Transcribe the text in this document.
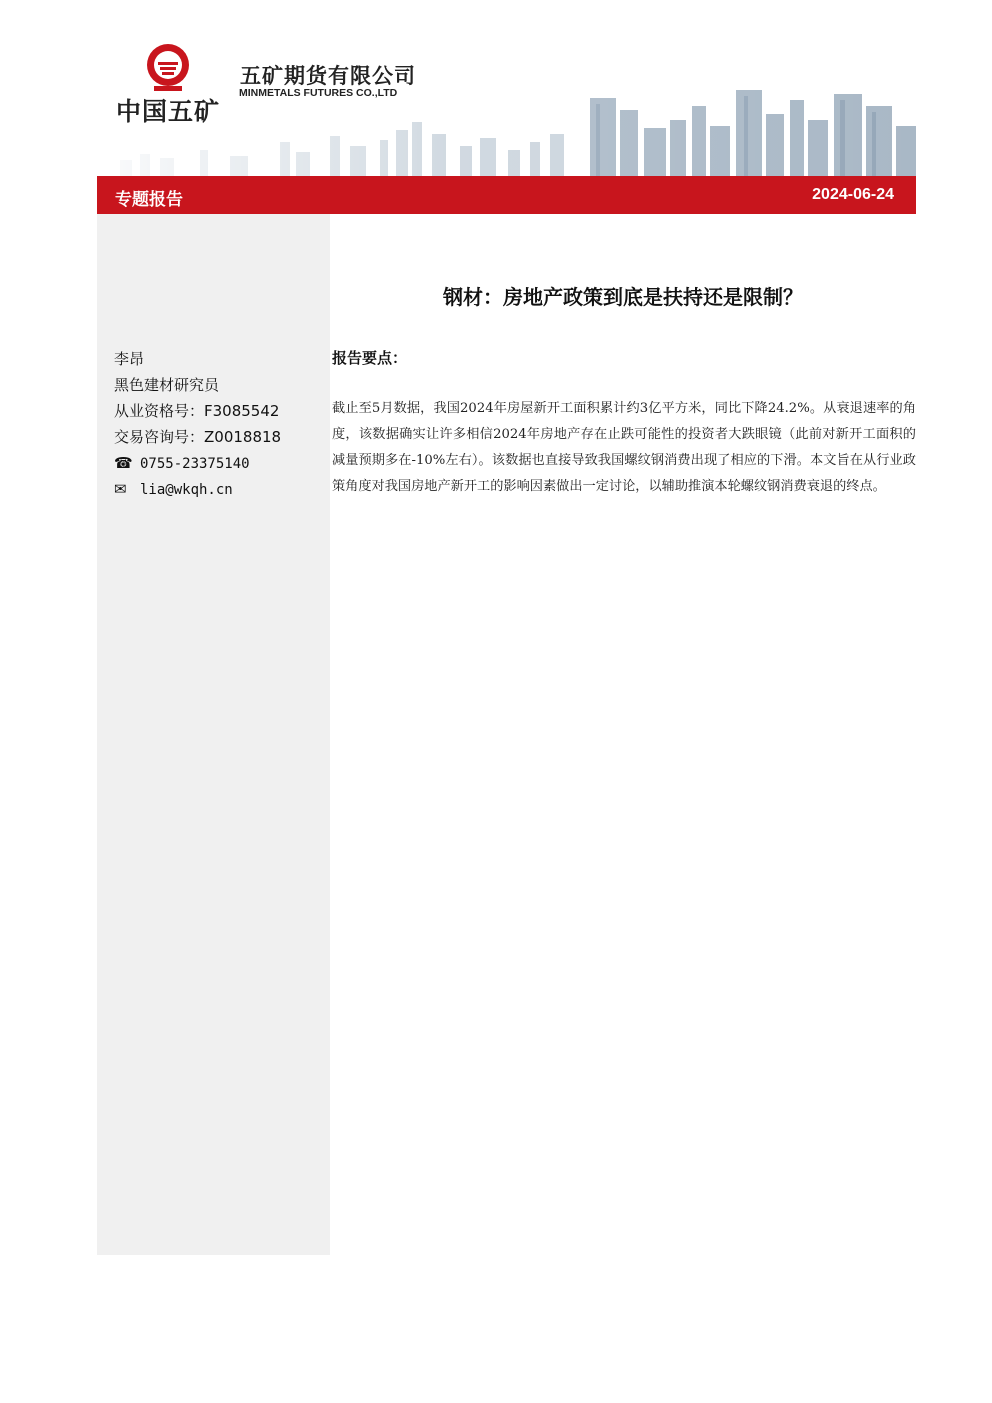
中国五矿
五矿期货有限公司
MINMETALS FUTURES CO.,LTD
专题报告	2024-06-24
钢材：房地产政策到底是扶持还是限制？
李昂
黑色建材研究员
从业资格号：F3085542
交易咨询号：Z0018818
☎ 0755-23375140
✉ lia@wkqh.cn
报告要点：
截止至5月数据，我国2024年房屋新开工面积累计约3亿平方米，同比下降24.2%。从衰退速率的角度，该数据确实让许多相信2024年房地产存在止跌可能性的投资者大跌眼镜（此前对新开工面积的减量预期多在-10%左右）。该数据也直接导致我国螺纹钢消费出现了相应的下滑。本文旨在从行业政策角度对我国房地产新开工的影响因素做出一定讨论，以辅助推演本轮螺纹钢消费衰退的终点。
